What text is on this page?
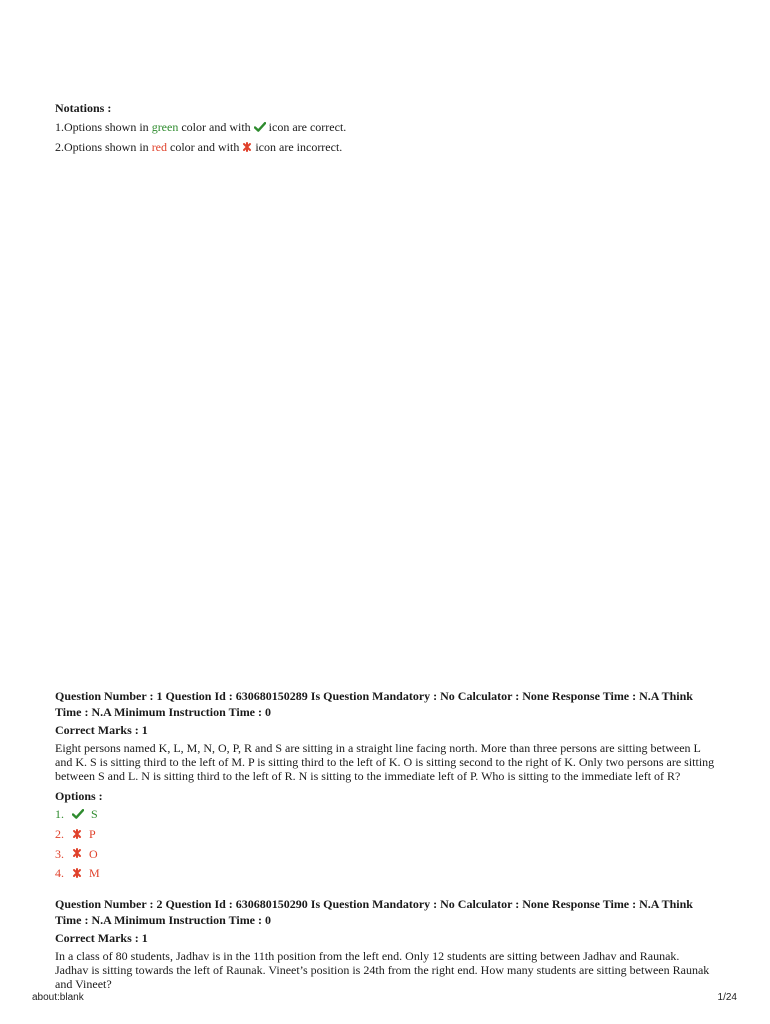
Notations :
1.Options shown in green color and with  icon are correct.
2.Options shown in red color and with  icon are incorrect.
Question Number : 1 Question Id : 630680150289 Is Question Mandatory : No Calculator : None Response Time : N.A Think
Time : N.A Minimum Instruction Time : 0
Correct Marks : 1
Eight persons named K, L, M, N, O, P, R and S are sitting in a straight line facing north. More than three persons are sitting between L
and K. S is sitting third to the left of M. P is sitting third to the left of K. O is sitting second to the right of K. Only two persons are sitting
between S and L. N is sitting third to the left of R. N is sitting to the immediate left of P. Who is sitting to the immediate left of R?
Options :
1. S
2. P
3. O
4. M
Question Number : 2 Question Id : 630680150290 Is Question Mandatory : No Calculator : None Response Time : N.A Think
Time : N.A Minimum Instruction Time : 0
Correct Marks : 1
In a class of 80 students, Jadhav is in the 11th position from the left end. Only 12 students are sitting between Jadhav and Raunak.
Jadhav is sitting towards the left of Raunak. Vineet’s position is 24th from the right end. How many students are sitting between Raunak
and Vineet?
about:blank	1/24
